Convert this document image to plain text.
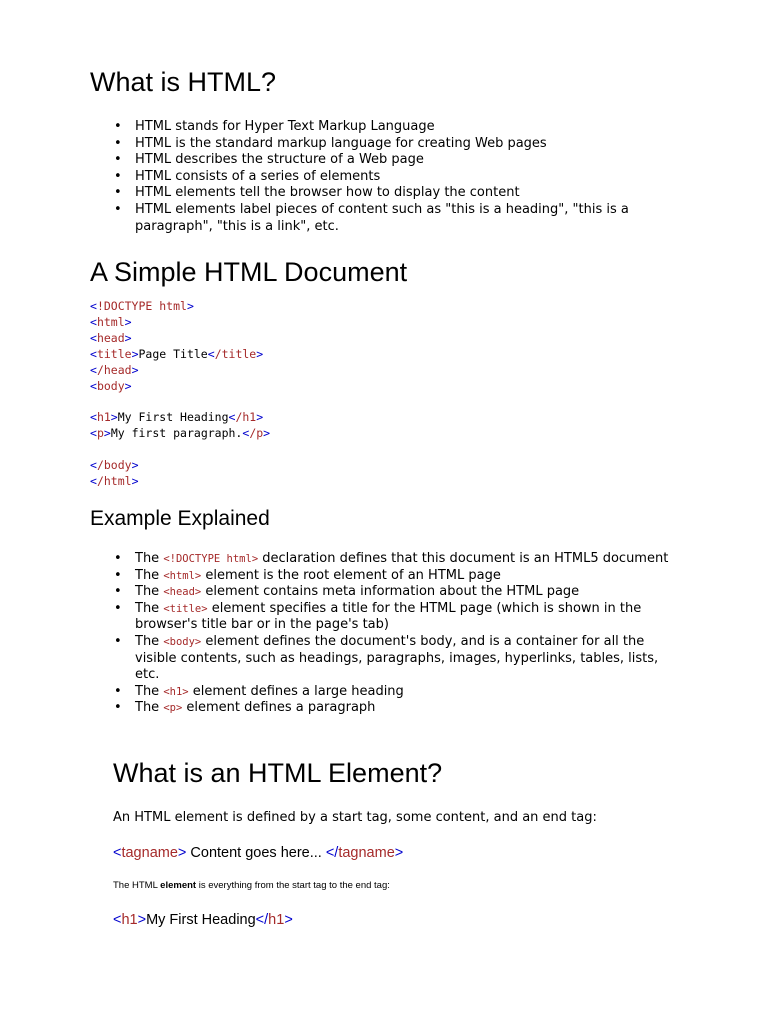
What is HTML?
• HTML stands for Hyper Text Markup Language
• HTML is the standard markup language for creating Web pages
• HTML describes the structure of a Web page
• HTML consists of a series of elements
• HTML elements tell the browser how to display the content
• HTML elements label pieces of content such as "this is a heading", "this is a paragraph", "this is a link", etc.
A Simple HTML Document
<!DOCTYPE html>
<html>
<head>
<title>Page Title</title>
</head>
<body>

<h1>My First Heading</h1>
<p>My first paragraph.</p>

</body>
</html>
Example Explained
• The <!DOCTYPE html> declaration defines that this document is an HTML5 document
• The <html> element is the root element of an HTML page
• The <head> element contains meta information about the HTML page
• The <title> element specifies a title for the HTML page (which is shown in the browser's title bar or in the page's tab)
• The <body> element defines the document's body, and is a container for all the visible contents, such as headings, paragraphs, images, hyperlinks, tables, lists, etc.
• The <h1> element defines a large heading
• The <p> element defines a paragraph
What is an HTML Element?

An HTML element is defined by a start tag, some content, and an end tag:

<tagname> Content goes here... </tagname>

The HTML element is everything from the start tag to the end tag:

<h1>My First Heading</h1>
